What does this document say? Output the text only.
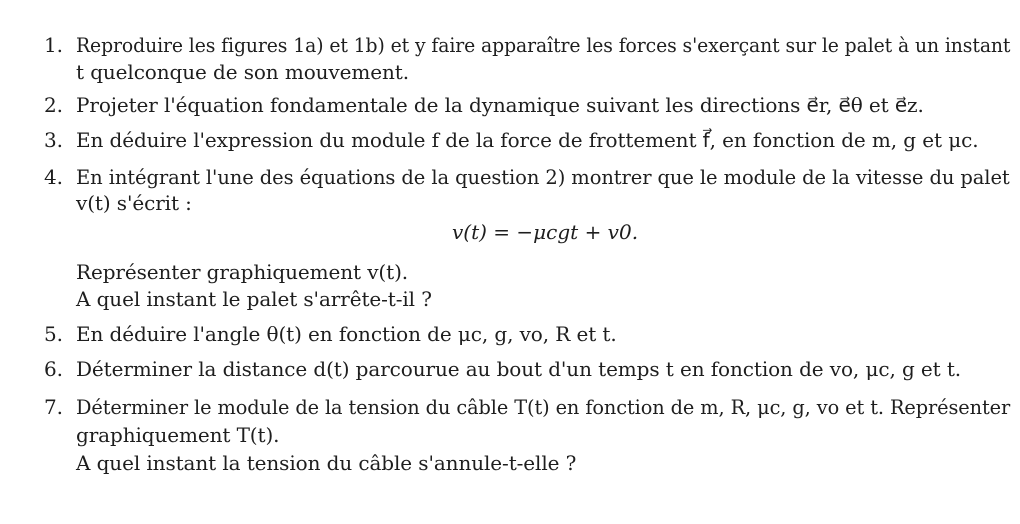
1. Reproduire les figures 1a) et 1b) et y faire apparaître les forces s'exerçant sur le palet à un instant
t quelconque de son mouvement.
2. Projeter l'équation fondamentale de la dynamique suivant les directions e⃗r, e⃗θ et e⃗z.
3. En déduire l'expression du module f de la force de frottement f⃗, en fonction de m, g et μc.
4. En intégrant l'une des équations de la question 2) montrer que le module de la vitesse du palet
v(t) s'écrit :
v(t) = −μcgt + v0.
Représenter graphiquement v(t).
A quel instant le palet s'arrête-t-il ?
5. En déduire l'angle θ(t) en fonction de μc, g, vo, R et t.
6. Déterminer la distance d(t) parcourue au bout d'un temps t en fonction de vo, μc, g et t.
7. Déterminer le module de la tension du câble T(t) en fonction de m, R, μc, g, vo et t. Représenter
graphiquement T(t).
A quel instant la tension du câble s'annule-t-elle ?
